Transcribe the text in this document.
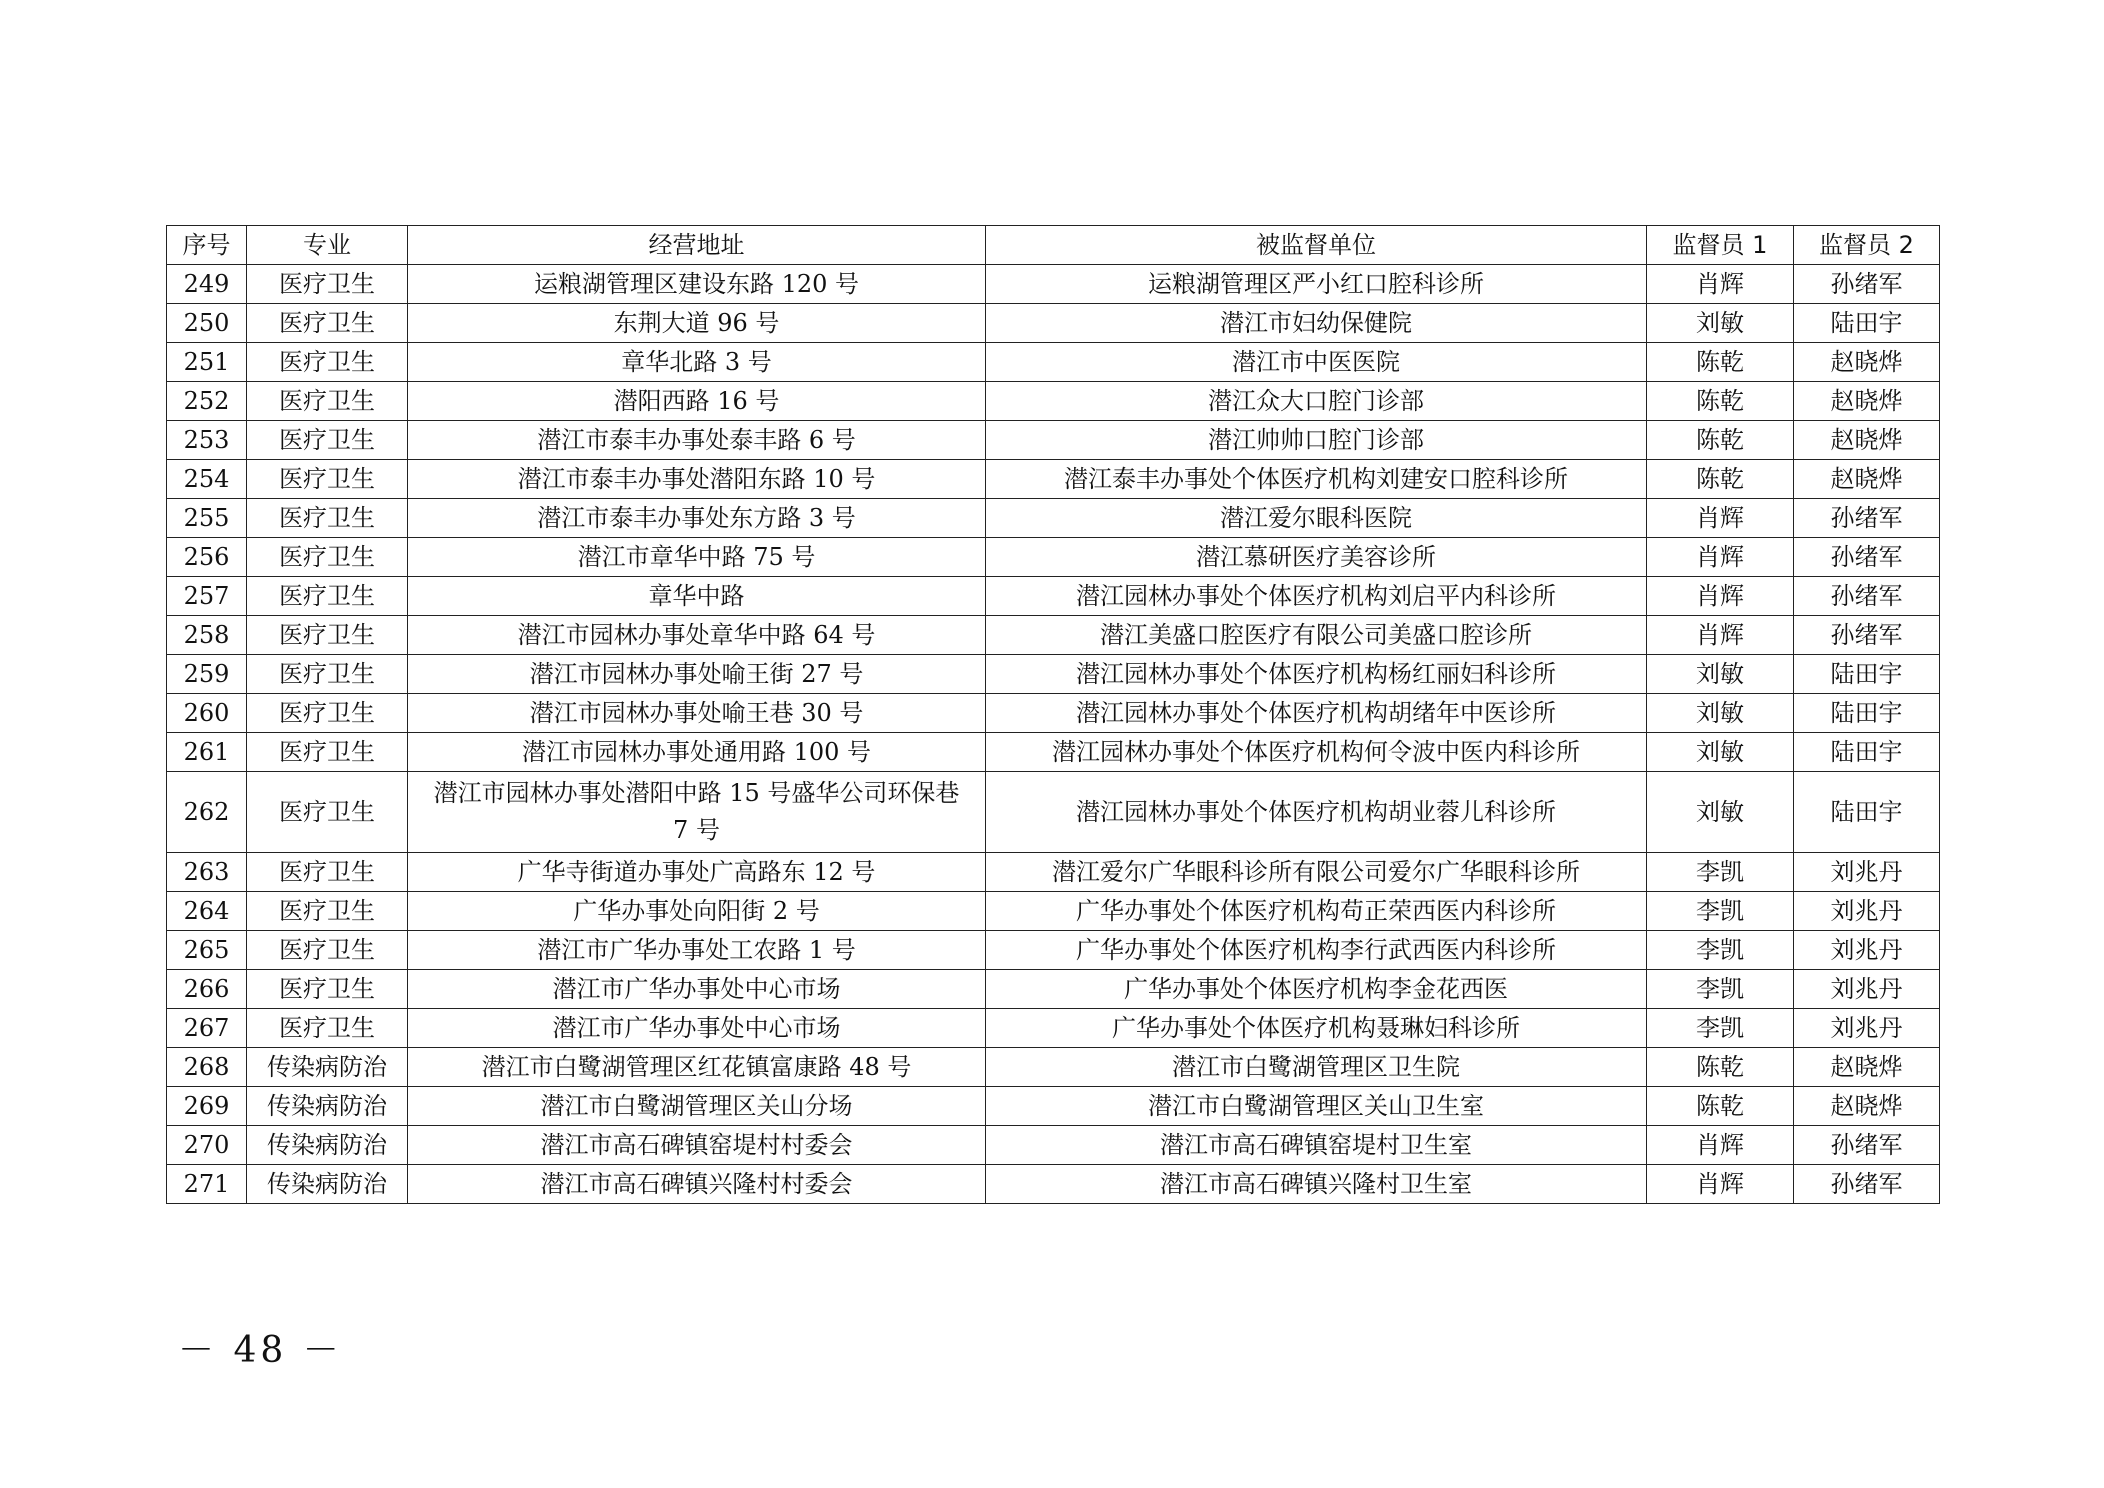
序号	专业	经营地址	被监督单位	监督员 1	监督员 2
249	医疗卫生	运粮湖管理区建设东路 120 号	运粮湖管理区严小红口腔科诊所	肖辉	孙绪军
250	医疗卫生	东荆大道 96 号	潜江市妇幼保健院	刘敏	陆田宇
251	医疗卫生	章华北路 3 号	潜江市中医医院	陈乾	赵晓烨
252	医疗卫生	潜阳西路 16 号	潜江众大口腔门诊部	陈乾	赵晓烨
253	医疗卫生	潜江市泰丰办事处泰丰路 6 号	潜江帅帅口腔门诊部	陈乾	赵晓烨
254	医疗卫生	潜江市泰丰办事处潜阳东路 10 号	潜江泰丰办事处个体医疗机构刘建安口腔科诊所	陈乾	赵晓烨
255	医疗卫生	潜江市泰丰办事处东方路 3 号	潜江爱尔眼科医院	肖辉	孙绪军
256	医疗卫生	潜江市章华中路 75 号	潜江慕研医疗美容诊所	肖辉	孙绪军
257	医疗卫生	章华中路	潜江园林办事处个体医疗机构刘启平内科诊所	肖辉	孙绪军
258	医疗卫生	潜江市园林办事处章华中路 64 号	潜江美盛口腔医疗有限公司美盛口腔诊所	肖辉	孙绪军
259	医疗卫生	潜江市园林办事处喻王街 27 号	潜江园林办事处个体医疗机构杨红丽妇科诊所	刘敏	陆田宇
260	医疗卫生	潜江市园林办事处喻王巷 30 号	潜江园林办事处个体医疗机构胡绪年中医诊所	刘敏	陆田宇
261	医疗卫生	潜江市园林办事处通用路 100 号	潜江园林办事处个体医疗机构何令波中医内科诊所	刘敏	陆田宇
262	医疗卫生	潜江市园林办事处潜阳中路 15 号盛华公司环保巷 7 号	潜江园林办事处个体医疗机构胡业蓉儿科诊所	刘敏	陆田宇
263	医疗卫生	广华寺街道办事处广高路东 12 号	潜江爱尔广华眼科诊所有限公司爱尔广华眼科诊所	李凯	刘兆丹
264	医疗卫生	广华办事处向阳街 2 号	广华办事处个体医疗机构苟正荣西医内科诊所	李凯	刘兆丹
265	医疗卫生	潜江市广华办事处工农路 1 号	广华办事处个体医疗机构李行武西医内科诊所	李凯	刘兆丹
266	医疗卫生	潜江市广华办事处中心市场	广华办事处个体医疗机构李金花西医	李凯	刘兆丹
267	医疗卫生	潜江市广华办事处中心市场	广华办事处个体医疗机构聂琳妇科诊所	李凯	刘兆丹
268	传染病防治	潜江市白鹭湖管理区红花镇富康路 48 号	潜江市白鹭湖管理区卫生院	陈乾	赵晓烨
269	传染病防治	潜江市白鹭湖管理区关山分场	潜江市白鹭湖管理区关山卫生室	陈乾	赵晓烨
270	传染病防治	潜江市高石碑镇窑堤村村委会	潜江市高石碑镇窑堤村卫生室	肖辉	孙绪军
271	传染病防治	潜江市高石碑镇兴隆村村委会	潜江市高石碑镇兴隆村卫生室	肖辉	孙绪军
－ 48 －
